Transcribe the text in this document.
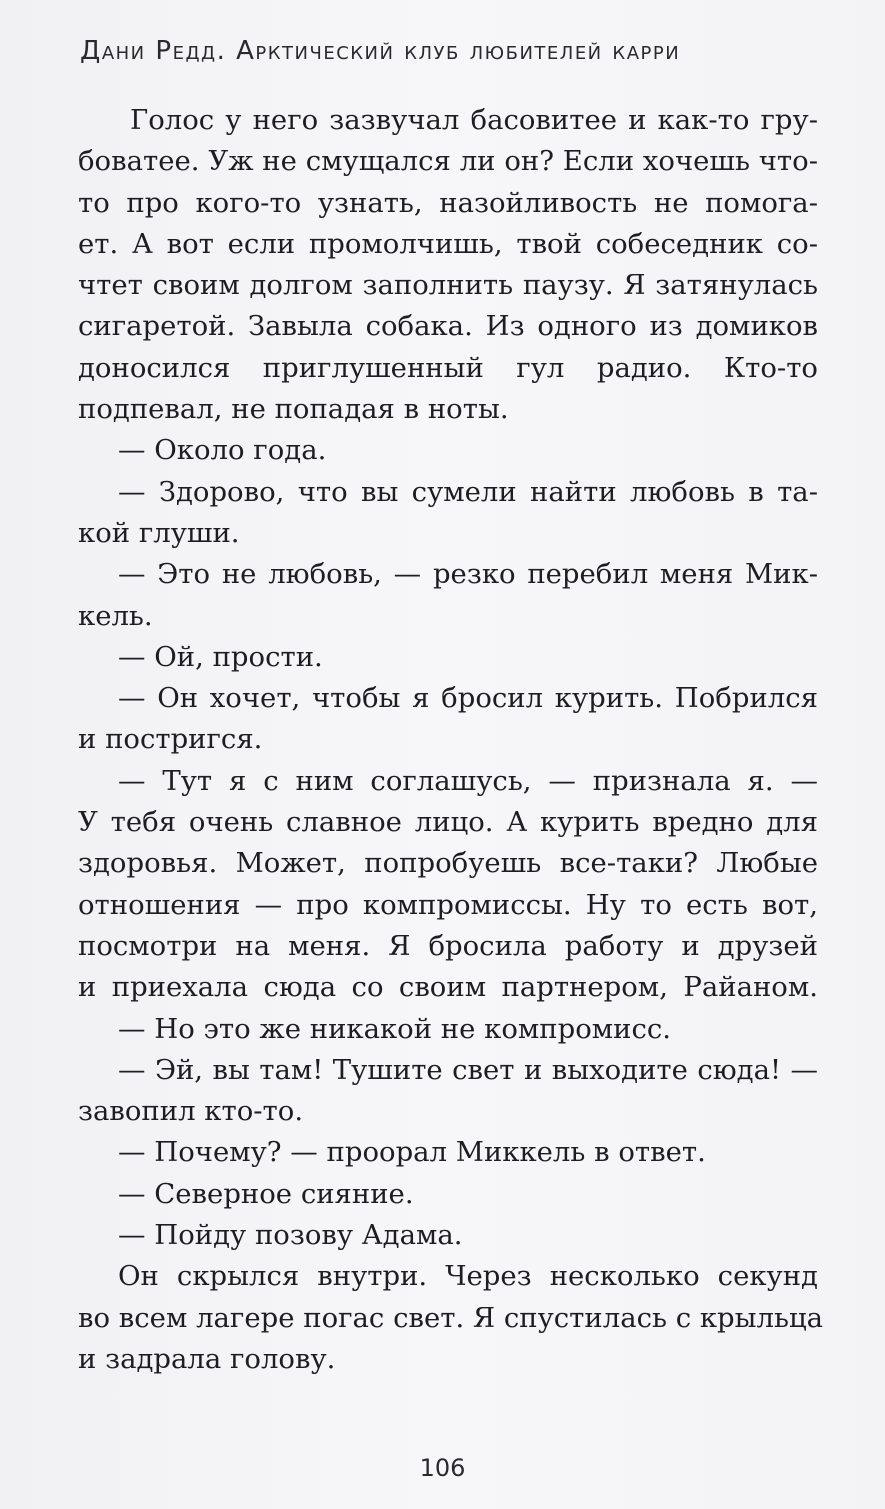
Дани Редд. Арктический клуб любителей карри
Голос у него зазвучал басовитее и как-то гру-
боватее. Уж не смущался ли он? Если хочешь что-
то про кого-то узнать, назойливость не помога-
ет. А вот если промолчишь, твой собеседник со-
чтет своим долгом заполнить паузу. Я затянулась
сигаретой. Завыла собака. Из одного из домиков
доносился приглушенный гул радио. Кто-то
подпевал, не попадая в ноты.
— Около года.
— Здорово, что вы сумели найти любовь в та-
кой глуши.
— Это не любовь, — резко перебил меня Мик-
кель.
— Ой, прости.
— Он хочет, чтобы я бросил курить. Побрился
и постригся.
— Тут я с ним соглашусь, — признала я. —
У тебя очень славное лицо. А курить вредно для
здоровья. Может, попробуешь все-таки? Любые
отношения — про компромиссы. Ну то есть вот,
посмотри на меня. Я бросила работу и друзей
и приехала сюда со своим партнером, Райаном.
— Но это же никакой не компромисс.
— Эй, вы там! Тушите свет и выходите сюда! —
завопил кто-то.
— Почему? — проорал Миккель в ответ.
— Северное сияние.
— Пойду позову Адама.
Он скрылся внутри. Через несколько секунд
во всем лагере погас свет. Я спустилась с крыльца
и задрала голову.
106
